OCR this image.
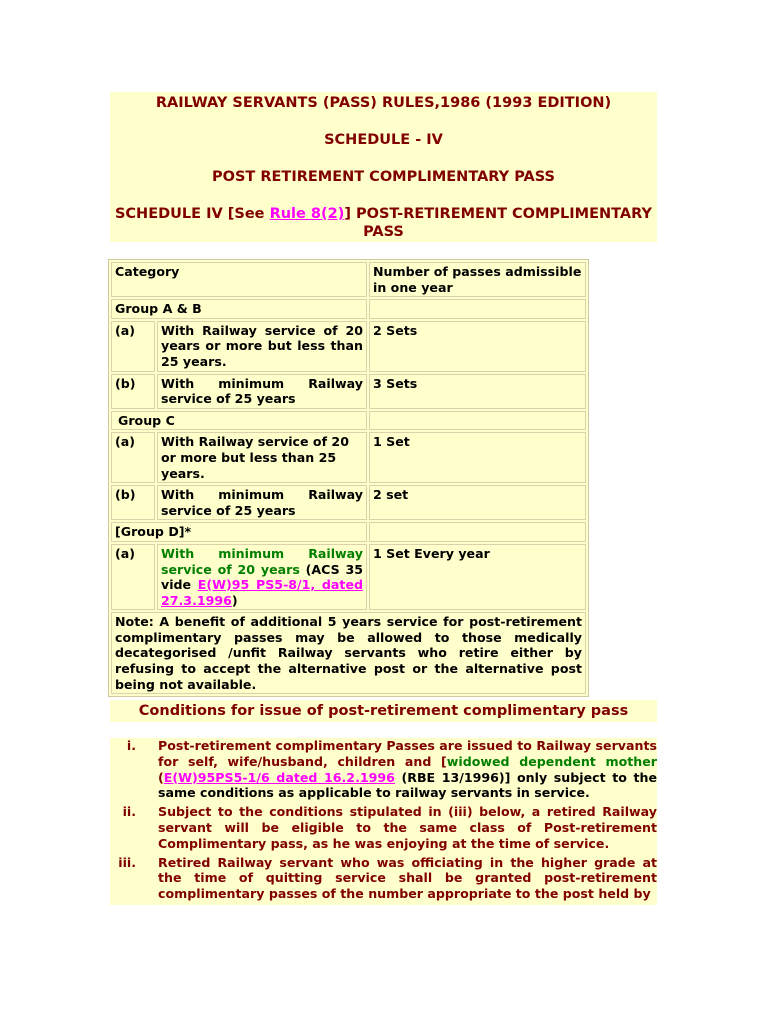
RAILWAY SERVANTS (PASS) RULES,1986 (1993 EDITION)
SCHEDULE - IV
POST RETIREMENT COMPLIMENTARY PASS
SCHEDULE IV [See Rule 8(2)] POST-RETIREMENT COMPLIMENTARY PASS
Category		Number of passes admissible in one year
Group A & B		
(a)	With Railway service of 20 years or more but less than 25 years.	2 Sets
(b)	With minimum Railway service of 25 years	3 Sets
Group C		
(a)	With Railway service of 20 or more but less than 25 years.	1 Set
(b)	With minimum Railway service of 25 years	2 set
[Group D]*		
(a)	With minimum Railway service of 20 years (ACS 35 vide E(W)95 PS5-8/1, dated 27.3.1996)	1 Set Every year
Note: A benefit of additional 5 years service for post-retirement complimentary passes may be allowed to those medically decategorised /unfit Railway servants who retire either by refusing to accept the alternative post or the alternative post being not available.		
Conditions for issue of post-retirement complimentary pass
i. Post-retirement complimentary Passes are issued to Railway servants for self, wife/husband, children and [widowed dependent mother (E(W)95PS5-1/6 dated 16.2.1996 (RBE 13/1996)] only subject to the same conditions as applicable to railway servants in service.
ii. Subject to the conditions stipulated in (iii) below, a retired Railway servant will be eligible to the same class of Post-retirement Complimentary pass, as he was enjoying at the time of service.
iii. Retired Railway servant who was officiating in the higher grade at the time of quitting service shall be granted post-retirement complimentary passes of the number appropriate to the post held by
